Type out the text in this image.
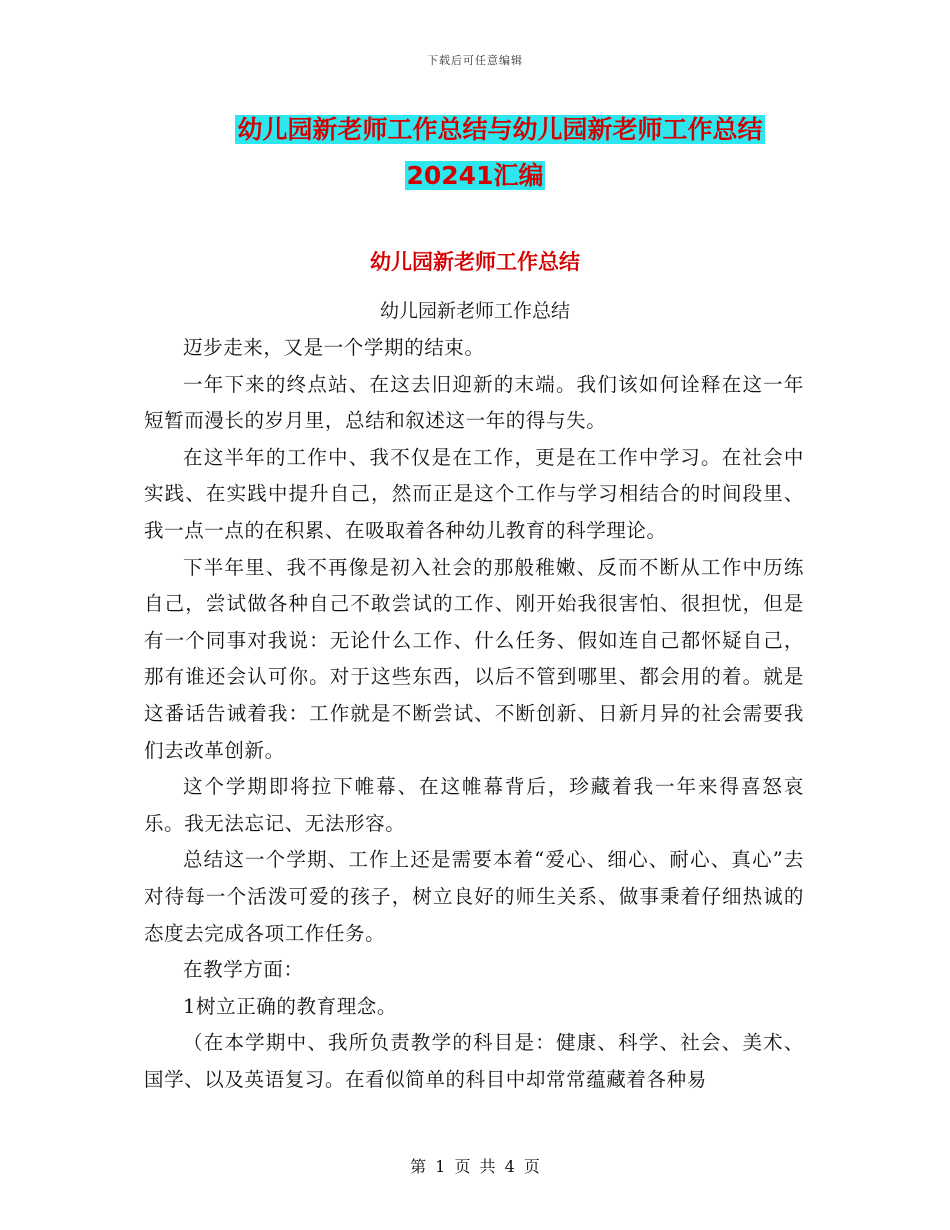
下载后可任意编辑
幼儿园新老师工作总结与幼儿园新老师工作总结
20241汇编
幼儿园新老师工作总结
幼儿园新老师工作总结

迈步走来，又是一个学期的结束。

一年下来的终点站、在这去旧迎新的末端。我们该如何诠释在这一年短暂而漫长的岁月里，总结和叙述这一年的得与失。

在这半年的工作中、我不仅是在工作，更是在工作中学习。在社会中实践、在实践中提升自己，然而正是这个工作与学习相结合的时间段里、我一点一点的在积累、在吸取着各种幼儿教育的科学理论。

下半年里、我不再像是初入社会的那般稚嫩、反而不断从工作中历练自己，尝试做各种自己不敢尝试的工作、刚开始我很害怕、很担忧，但是有一个同事对我说：无论什么工作、什么任务、假如连自己都怀疑自己，那有谁还会认可你。对于这些东西，以后不管到哪里、都会用的着。就是这番话告诫着我：工作就是不断尝试、不断创新、日新月异的社会需要我们去改革创新。

这个学期即将拉下帷幕、在这帷幕背后，珍藏着我一年来得喜怒哀乐。我无法忘记、无法形容。

总结这一个学期、工作上还是需要本着“爱心、细心、耐心、真心”去对待每一个活泼可爱的孩子，树立良好的师生关系、做事秉着仔细热诚的态度去完成各项工作任务。

在教学方面：

1树立正确的教育理念。

（在本学期中、我所负责教学的科目是：健康、科学、社会、美术、国学、以及英语复习。在看似简单的科目中却常常蕴藏着各种易

第 1 页 共 4 页
